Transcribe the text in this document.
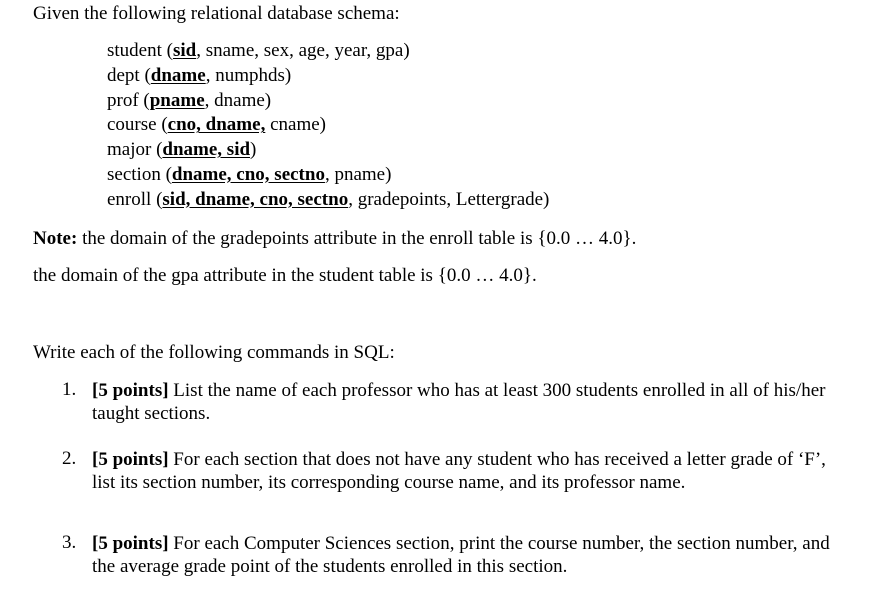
Given the following relational database schema:
student (sid, sname, sex, age, year, gpa)
dept (dname, numphds)
prof (pname, dname)
course (cno, dname, cname)
major (dname, sid)
section (dname, cno, sectno, pname)
enroll (sid, dname, cno, sectno, gradepoints, Lettergrade)
Note: the domain of the gradepoints attribute in the enroll table is {0.0 … 4.0}.
the domain of the gpa attribute in the student table is {0.0 … 4.0}.
Write each of the following commands in SQL:
1. [5 points] List the name of each professor who has at least 300 students enrolled in all of his/her taught sections.
2. [5 points] For each section that does not have any student who has received a letter grade of ‘F’, list its section number, its corresponding course name, and its professor name.
3. [5 points] For each Computer Sciences section, print the course number, the section number, and the average grade point of the students enrolled in this section.
